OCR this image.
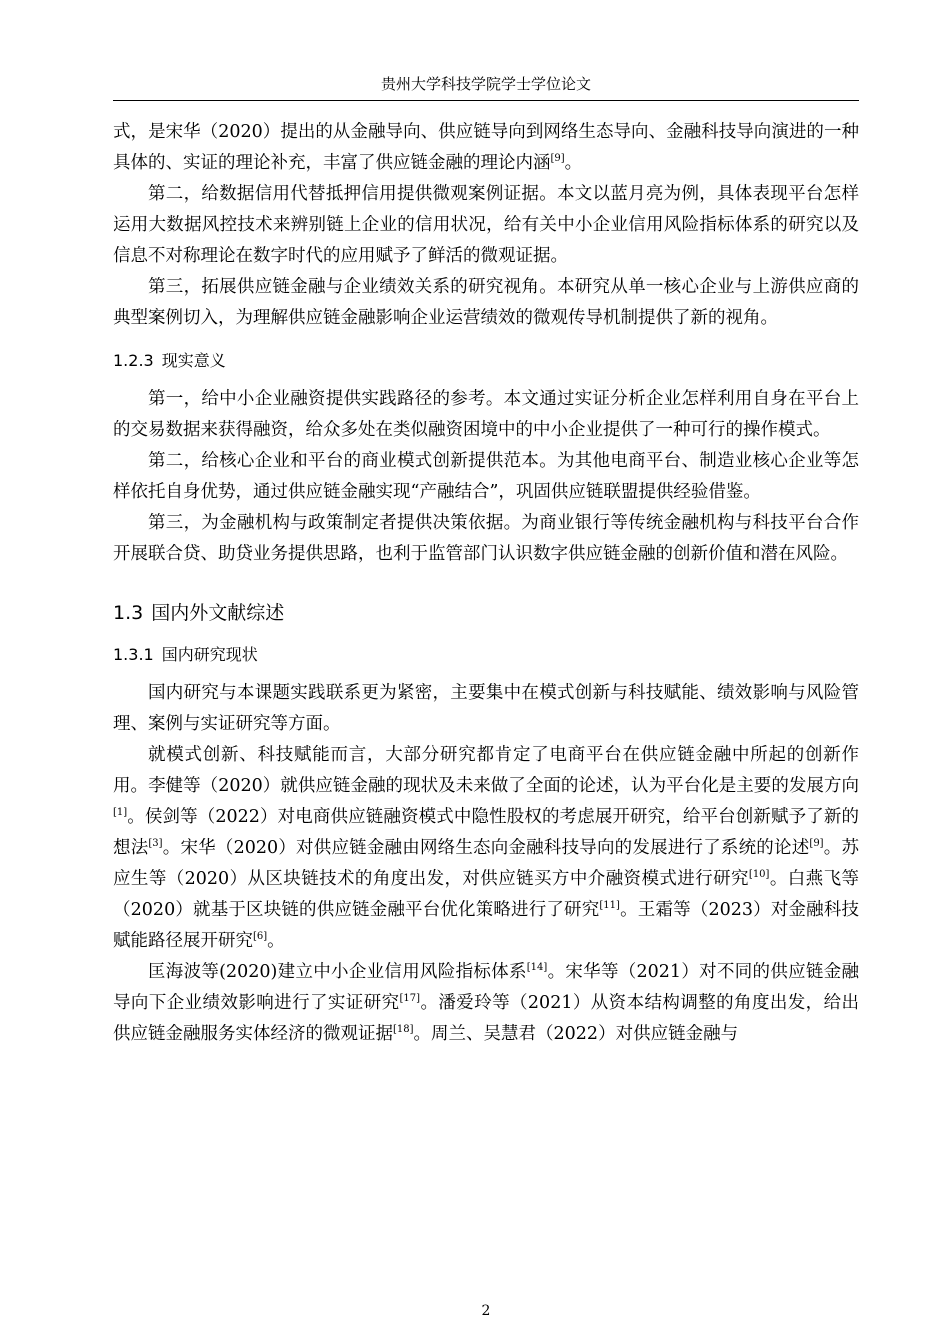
贵州大学科技学院学士学位论文

式，是宋华（2020）提出的从金融导向、供应链导向到网络生态导向、金融科技导向演进的一种具体的、实证的理论补充，丰富了供应链金融的理论内涵[9]。

第二，给数据信用代替抵押信用提供微观案例证据。本文以蓝月亮为例，具体表现平台怎样运用大数据风控技术来辨别链上企业的信用状况，给有关中小企业信用风险指标体系的研究以及信息不对称理论在数字时代的应用赋予了鲜活的微观证据。

第三，拓展供应链金融与企业绩效关系的研究视角。本研究从单一核心企业与上游供应商的典型案例切入，为理解供应链金融影响企业运营绩效的微观传导机制提供了新的视角。

1.2.3 现实意义

第一，给中小企业融资提供实践路径的参考。本文通过实证分析企业怎样利用自身在平台上的交易数据来获得融资，给众多处在类似融资困境中的中小企业提供了一种可行的操作模式。

第二，给核心企业和平台的商业模式创新提供范本。为其他电商平台、制造业核心企业等怎样依托自身优势，通过供应链金融实现“产融结合”，巩固供应链联盟提供经验借鉴。

第三，为金融机构与政策制定者提供决策依据。为商业银行等传统金融机构与科技平台合作开展联合贷、助贷业务提供思路，也利于监管部门认识数字供应链金融的创新价值和潜在风险。

1.3 国内外文献综述
1.3.1 国内研究现状

国内研究与本课题实践联系更为紧密，主要集中在模式创新与科技赋能、绩效影响与风险管理、案例与实证研究等方面。

就模式创新、科技赋能而言，大部分研究都肯定了电商平台在供应链金融中所起的创新作用。李健等（2020）就供应链金融的现状及未来做了全面的论述，认为平台化是主要的发展方向[1]。侯剑等（2022）对电商供应链融资模式中隐性股权的考虑展开研究，给平台创新赋予了新的想法[3]。宋华（2020）对供应链金融由网络生态向金融科技导向的发展进行了系统的论述[9]。苏应生等（2020）从区块链技术的角度出发，对供应链买方中介融资模式进行研究[10]。白燕飞等（2020）就基于区块链的供应链金融平台优化策略进行了研究[11]。王霜等（2023）对金融科技赋能路径展开研究[6]。

匡海波等(2020)建立中小企业信用风险指标体系[14]。宋华等（2021）对不同的供应链金融导向下企业绩效影响进行了实证研究[17]。潘爱玲等（2021）从资本结构调整的角度出发，给出供应链金融服务实体经济的微观证据[18]。周兰、吴慧君（2022）对供应链金融与

2
